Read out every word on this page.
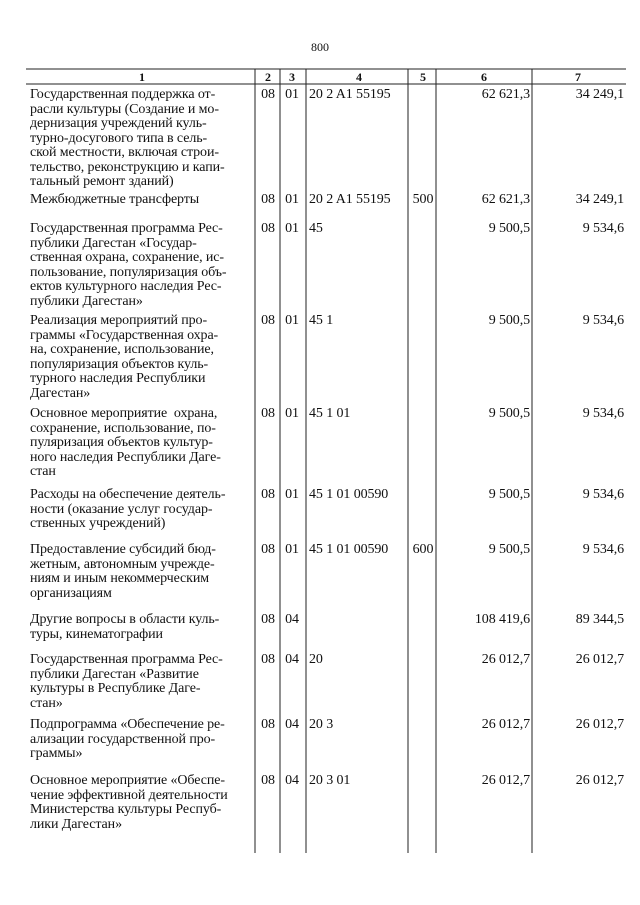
800
1	2	3	4	5	6	7
Государственная поддержка от-
расли культуры (Создание и мо-
дернизация учреждений куль-
турно-досугового типа в сель-
ской местности, включая строи-
тельство, реконструкцию и капи-
тальный ремонт зданий)
08 01 20 2 A1 55195	62 621,3	34 249,1
Межбюджетные трансферты	08 01 20 2 A1 55195	500	62 621,3	34 249,1
Государственная программа Рес-
публики Дагестан «Государ-
ственная охрана, сохранение, ис-
пользование, популяризация объ-
ектов культурного наследия Рес-
публики Дагестан»
08 01 45	9 500,5	9 534,6
Реализация мероприятий про-
граммы «Государственная охра-
на, сохранение, использование,
популяризация объектов куль-
турного наследия Республики
Дагестан»
08 01 45 1	9 500,5	9 534,6
Основное мероприятие  охрана,
сохранение, использование, по-
пуляризация объектов культур-
ного наследия Республики Даге-
стан
08 01 45 1 01	9 500,5	9 534,6
Расходы на обеспечение деятель-
ности (оказание услуг государ-
ственных учреждений)
08 01 45 1 01 00590	9 500,5	9 534,6
Предоставление субсидий бюд-
жетным, автономным учрежде-
ниям и иным некоммерческим
организациям
08 01 45 1 01 00590	600	9 500,5	9 534,6
Другие вопросы в области куль-
туры, кинематографии
08 04	108 419,6	89 344,5
Государственная программа Рес-
публики Дагестан «Развитие
культуры в Республике Даге-
стан»
08 04 20	26 012,7	26 012,7
Подпрограмма «Обеспечение ре-
ализации государственной про-
граммы»
08 04 20 3	26 012,7	26 012,7
Основное мероприятие «Обеспе-
чение эффективной деятельности
Министерства культуры Респуб-
лики Дагестан»
08 04 20 3 01	26 012,7	26 012,7
